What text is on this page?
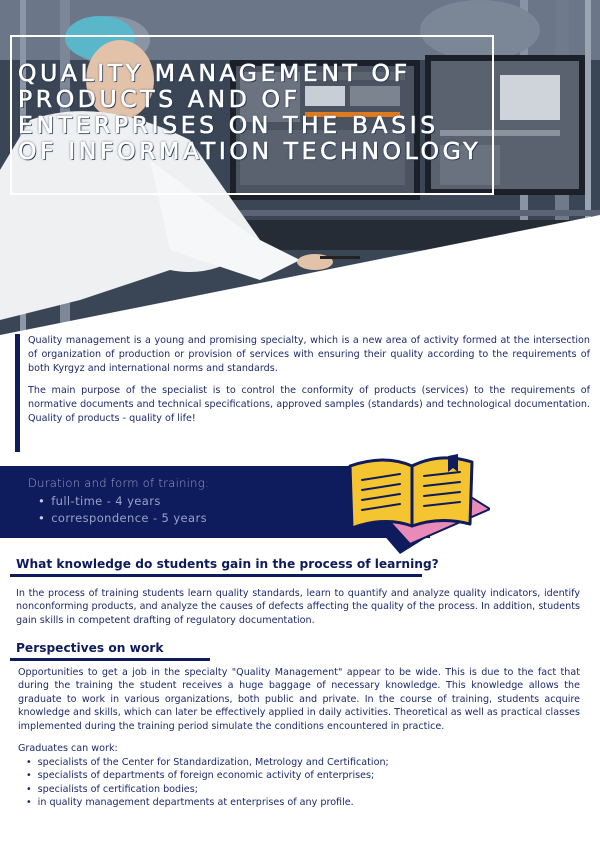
QUALITY MANAGEMENT OF PRODUCTS AND OF ENTERPRISES ON THE BASIS OF INFORMATION TECHNOLOGY

Quality management is a young and promising specialty, which is a new area of activity formed at the intersection of organization of production or provision of services with ensuring their quality according to the requirements of both Kyrgyz and international norms and standards.

The main purpose of the specialist is to control the conformity of products (services) to the requirements of normative documents and technical specifications, approved samples (standards) and technological documentation. Quality of products - quality of life!

Duration and form of training:
• full-time - 4 years
• correspondence - 5 years
What knowledge do students gain in the process of learning?

In the process of training students learn quality standards, learn to quantify and analyze quality indicators, identify nonconforming products, and analyze the causes of defects affecting the quality of the process. In addition, students gain skills in competent drafting of regulatory documentation.

Perspectives on work

Opportunities to get a job in the specialty "Quality Management" appear to be wide. This is due to the fact that during the training the student receives a huge baggage of necessary knowledge. This knowledge allows the graduate to work in various organizations, both public and private. In the course of training, students acquire knowledge and skills, which can later be effectively applied in daily activities. Theoretical as well as practical classes implemented during the training period simulate the conditions encountered in practice.

Graduates can work:
• specialists of the Center for Standardization, Metrology and Certification;
• specialists of departments of foreign economic activity of enterprises;
• specialists of certification bodies;
• in quality management departments at enterprises of any profile.
